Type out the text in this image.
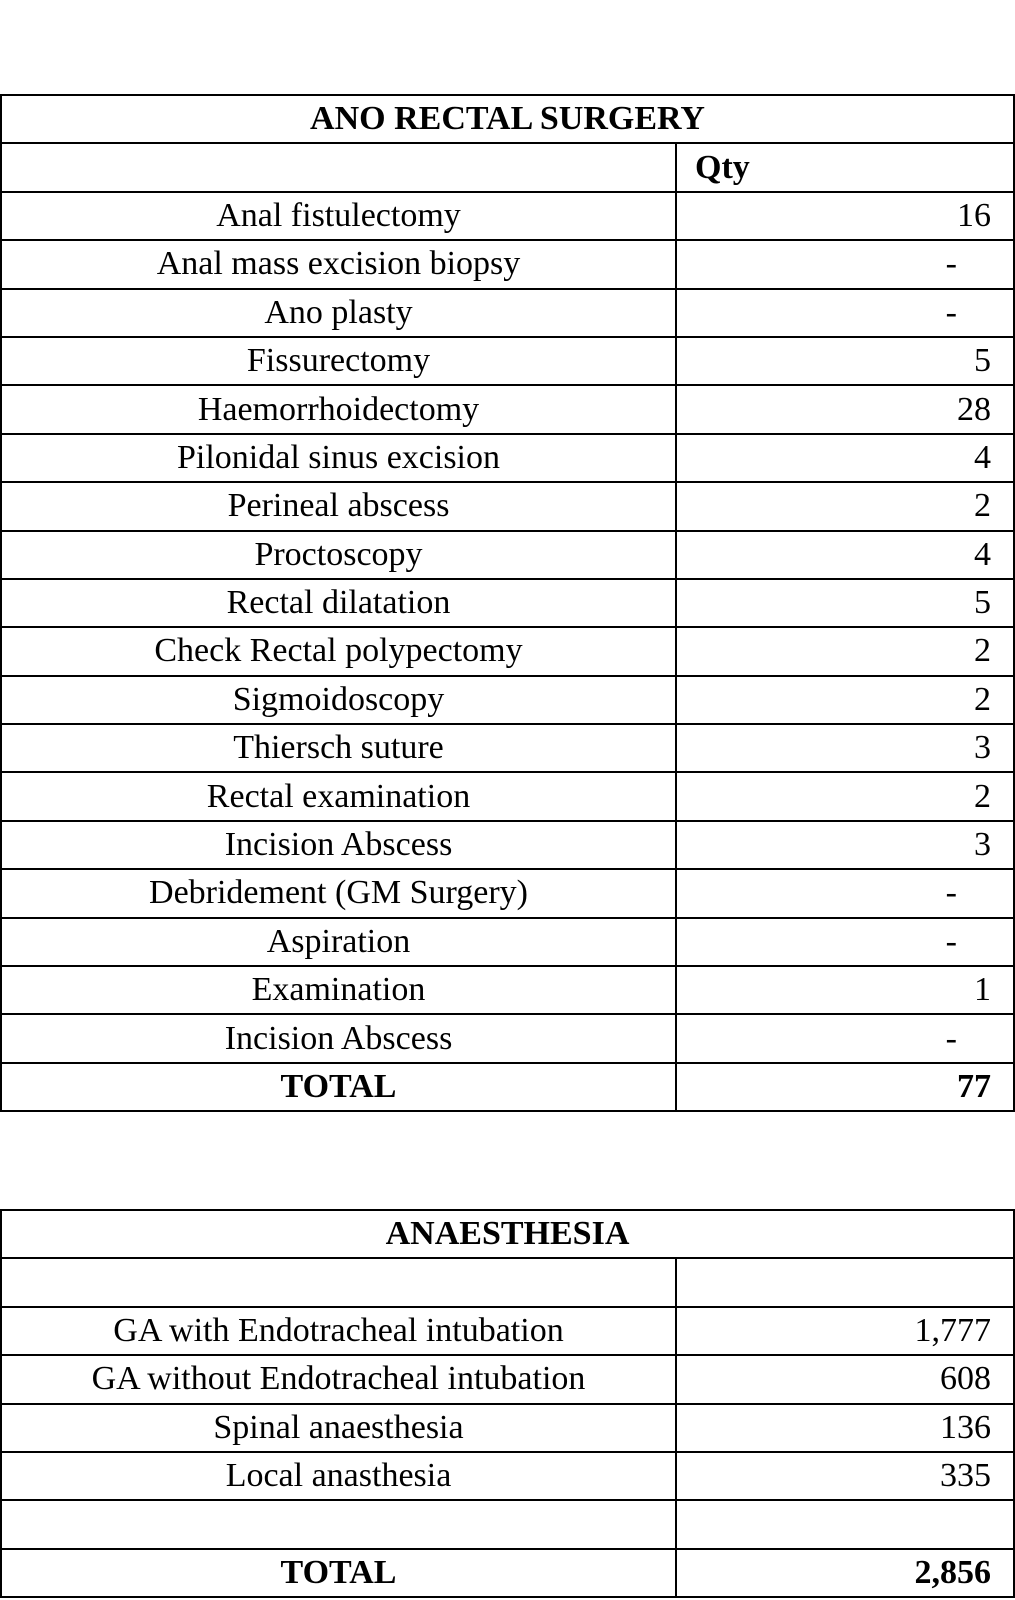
ANO RECTAL SURGERY	
	Qty
Anal fistulectomy	16
Anal mass excision biopsy	-
Ano plasty	-
Fissurectomy	5
Haemorrhoidectomy	28
Pilonidal sinus excision	4
Perineal abscess	2
Proctoscopy	4
Rectal dilatation	5
Check Rectal polypectomy	2
Sigmoidoscopy	2
Thiersch suture	3
Rectal examination	2
Incision Abscess	3
Debridement (GM Surgery)	-
Aspiration	-
Examination	1
Incision Abscess	-
TOTAL	77
ANAESTHESIA	

GA with Endotracheal intubation	1,777
GA without Endotracheal intubation	608
Spinal anaesthesia	136
Local anasthesia	335

TOTAL	2,856
